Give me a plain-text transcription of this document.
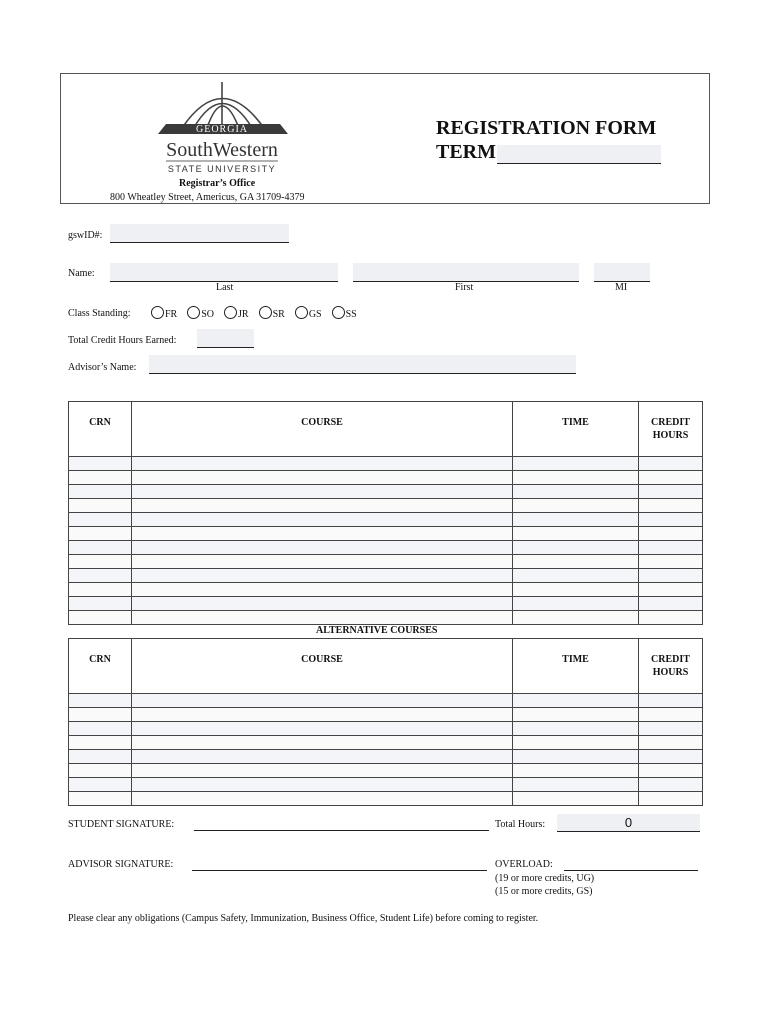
GEORGIA
SouthWestern
STATE UNIVERSITY
Registrar’s Office
800 Wheatley Street, Americus, GA 31709-4379
REGISTRATION FORM
TERM
gswID#:
Name:
Last	First	MI
Class Standing:	FR SO JR SR GS SS
Total Credit Hours Earned:
Advisor’s Name:
CRN	COURSE	TIME	CREDIT
HOURS

ALTERNATIVE COURSES
CRN	COURSE	TIME	CREDIT
HOURS

STUDENT SIGNATURE:	Total Hours:	0
ADVISOR SIGNATURE:	OVERLOAD:
(19 or more credits, UG)
(15 or more credits, GS)
Please clear any obligations (Campus Safety, Immunization, Business Office, Student Life) before coming to register.
